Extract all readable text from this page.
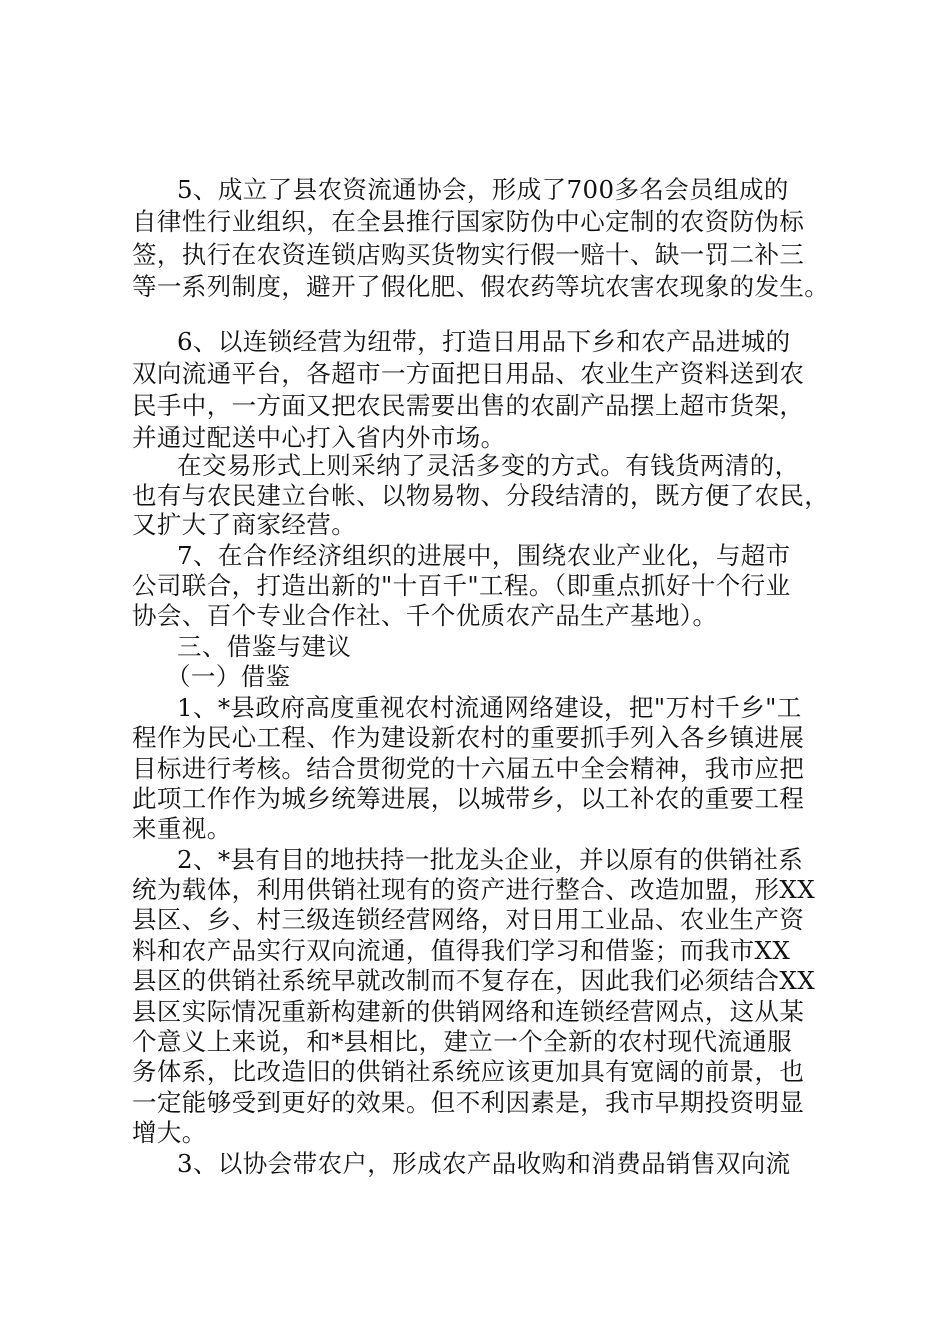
5、成立了县农资流通协会，形成了700多名会员组成的
自律性行业组织，在全县推行国家防伪中心定制的农资防伪标
签，执行在农资连锁店购买货物实行假一赔十、缺一罚二补三
等一系列制度，避开了假化肥、假农药等坑农害农现象的发生。
6、以连锁经营为纽带，打造日用品下乡和农产品进城的
双向流通平台，各超市一方面把日用品、农业生产资料送到农
民手中，一方面又把农民需要出售的农副产品摆上超市货架，
并通过配送中心打入省内外市场。
在交易形式上则采纳了灵活多变的方式。有钱货两清的，
也有与农民建立台帐、以物易物、分段结清的，既方便了农民，
又扩大了商家经营。
7、在合作经济组织的进展中，围绕农业产业化，与超市
公司联合，打造出新的"十百千"工程。（即重点抓好十个行业
协会、百个专业合作社、千个优质农产品生产基地）。
三、借鉴与建议
（一）借鉴
1、*县政府高度重视农村流通网络建设，把"万村千乡"工
程作为民心工程、作为建设新农村的重要抓手列入各乡镇进展
目标进行考核。结合贯彻党的十六届五中全会精神，我市应把
此项工作作为城乡统筹进展，以城带乡，以工补农的重要工程
来重视。
2、*县有目的地扶持一批龙头企业，并以原有的供销社系
统为载体，利用供销社现有的资产进行整合、改造加盟，形XX
县区、乡、村三级连锁经营网络，对日用工业品、农业生产资
料和农产品实行双向流通，值得我们学习和借鉴；而我市XX
县区的供销社系统早就改制而不复存在，因此我们必须结合XX
县区实际情况重新构建新的供销网络和连锁经营网点，这从某
个意义上来说，和*县相比，建立一个全新的农村现代流通服
务体系，比改造旧的供销社系统应该更加具有宽阔的前景，也
一定能够受到更好的效果。但不利因素是，我市早期投资明显
增大。
3、以协会带农户，形成农产品收购和消费品销售双向流
